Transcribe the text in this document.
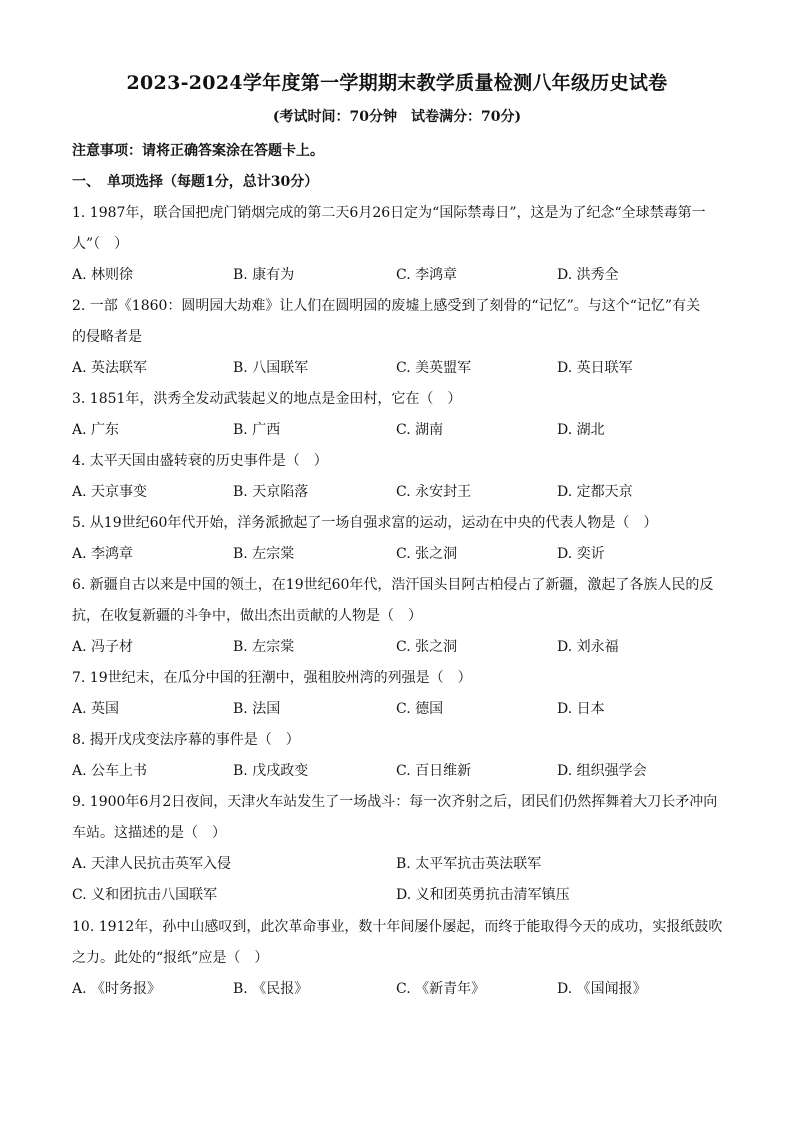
2023-2024学年度第一学期期末教学质量检测八年级历史试卷
(考试时间：70分钟　试卷满分：70分)
注意事项：请将正确答案涂在答题卡上。
一、　单项选择（每题1分，总计30分）
1. 1987年，联合国把虎门销烟完成的第二天6月26日定为“国际禁毒日”，这是为了纪念“全球禁毒第一
人”（　）
A. 林则徐	B. 康有为	C. 李鸿章	D. 洪秀全
2. 一部《1860：圆明园大劫难》让人们在圆明园的废墟上感受到了刻骨的“记忆”。与这个“记忆”有关
的侵略者是
A. 英法联军	B. 八国联军	C. 美英盟军	D. 英日联军
3. 1851年，洪秀全发动武装起义的地点是金田村，它在（　）
A. 广东	B. 广西	C. 湖南	D. 湖北
4. 太平天国由盛转衰的历史事件是（　）
A. 天京事变	B. 天京陷落	C. 永安封王	D. 定都天京
5. 从19世纪60年代开始，洋务派掀起了一场自强求富的运动，运动在中央的代表人物是（　）
A. 李鸿章	B. 左宗棠	C. 张之洞	D. 奕䜣
6. 新疆自古以来是中国的领土，在19世纪60年代，浩汗国头目阿古柏侵占了新疆，激起了各族人民的反
抗，在收复新疆的斗争中，做出杰出贡献的人物是（　）
A. 冯子材	B. 左宗棠	C. 张之洞	D. 刘永福
7. 19世纪末，在瓜分中国的狂潮中，强租胶州湾的列强是（　）
A. 英国	B. 法国	C. 德国	D. 日本
8. 揭开戊戌变法序幕的事件是（　）
A. 公车上书	B. 戊戌政变	C. 百日维新	D. 组织强学会
9. 1900年6月2日夜间，天津火车站发生了一场战斗：每一次齐射之后，团民们仍然挥舞着大刀长矛冲向
车站。这描述的是（　）
A. 天津人民抗击英军入侵	B. 太平军抗击英法联军
C. 义和团抗击八国联军	D. 义和团英勇抗击清军镇压
10. 1912年，孙中山感叹到，此次革命事业，数十年间屡仆屡起，而终于能取得今天的成功，实报纸鼓吹
之力。此处的“报纸”应是（　）
A. 《时务报》	B. 《民报》	C. 《新青年》	D. 《国闻报》
